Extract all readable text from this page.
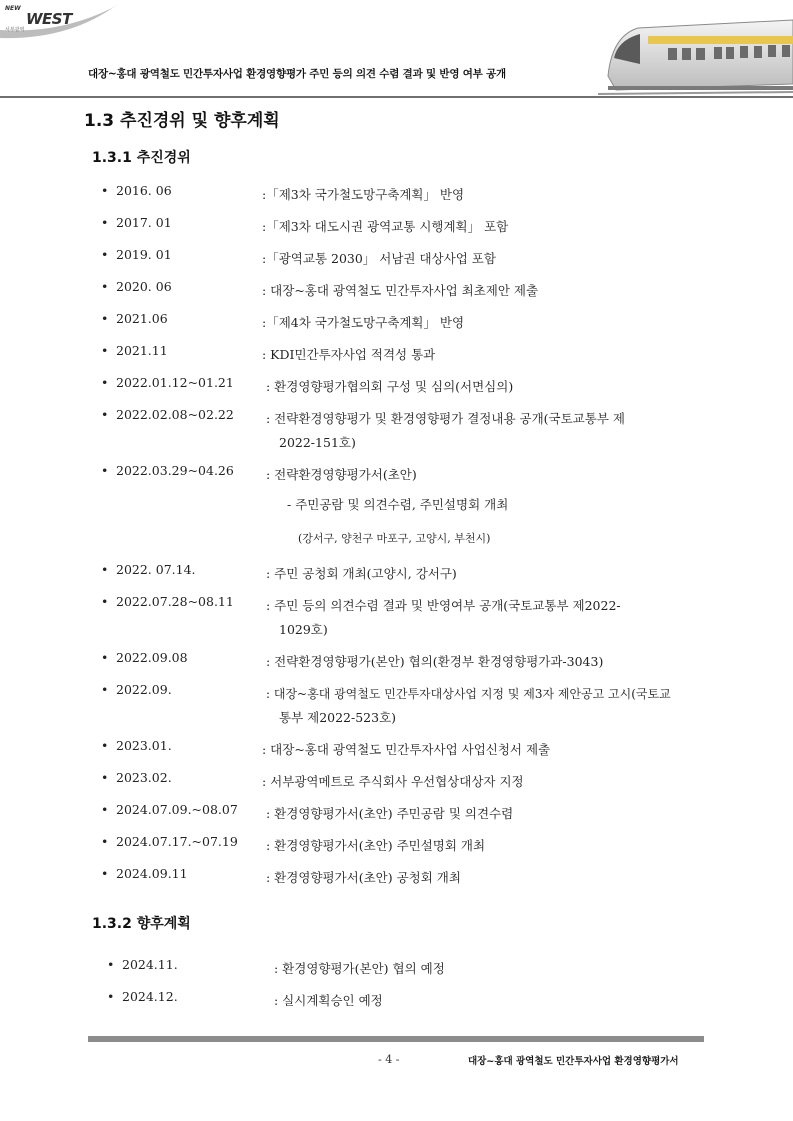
NEW
WEST
서부광역
대장~홍대 광역철도 민간투자사업 환경영향평가 주민 등의 의견 수렴 결과 및 반영 여부 공개
1.3 추진경위 및 향후계획
1.3.1 추진경위
• 2016. 06	:「제3차 국가철도망구축계획」 반영
• 2017. 01	:「제3차 대도시권 광역교통 시행계획」 포함
• 2019. 01	:「광역교통 2030」 서남권 대상사업 포함
• 2020. 06	: 대장~홍대 광역철도 민간투자사업 최초제안 제출
• 2021.06	:「제4차 국가철도망구축계획」 반영
• 2021.11	: KDI민간투자사업 적격성 통과
• 2022.01.12~01.21	: 환경영향평가협의회 구성 및 심의(서면심의)
• 2022.02.08~02.22	: 전략환경영향평가 및 환경영향평가 결정내용 공개(국토교통부 제
2022-151호)
• 2022.03.29~04.26	: 전략환경영향평가서(초안)
- 주민공람 및 의견수렴, 주민설명회 개최
(강서구, 양천구 마포구, 고양시, 부천시)
• 2022. 07.14.	: 주민 공청회 개최(고양시, 강서구)
• 2022.07.28~08.11	: 주민 등의 의견수렴 결과 및 반영여부 공개(국토교통부 제2022-
1029호)
• 2022.09.08	: 전략환경영향평가(본안) 협의(환경부 환경영향평가과-3043)
• 2022.09.	: 대장~홍대 광역철도 민간투자대상사업 지정 및 제3자 제안공고 고시(국토교
통부 제2022-523호)
• 2023.01.	: 대장~홍대 광역철도 민간투자사업 사업신청서 제출
• 2023.02.	: 서부광역메트로 주식회사 우선협상대상자 지정
• 2024.07.09.~08.07 : 환경영향평가서(초안) 주민공람 및 의견수렴
• 2024.07.17.~07.19 : 환경영향평가서(초안) 주민설명회 개최
• 2024.09.11	: 환경영향평가서(초안) 공청회 개최
1.3.2 향후계획
• 2024.11.	: 환경영향평가(본안) 협의 예정
• 2024.12.	: 실시계획승인 예정
- 4 -	대장~홍대 광역철도 민간투자사업 환경영향평가서
